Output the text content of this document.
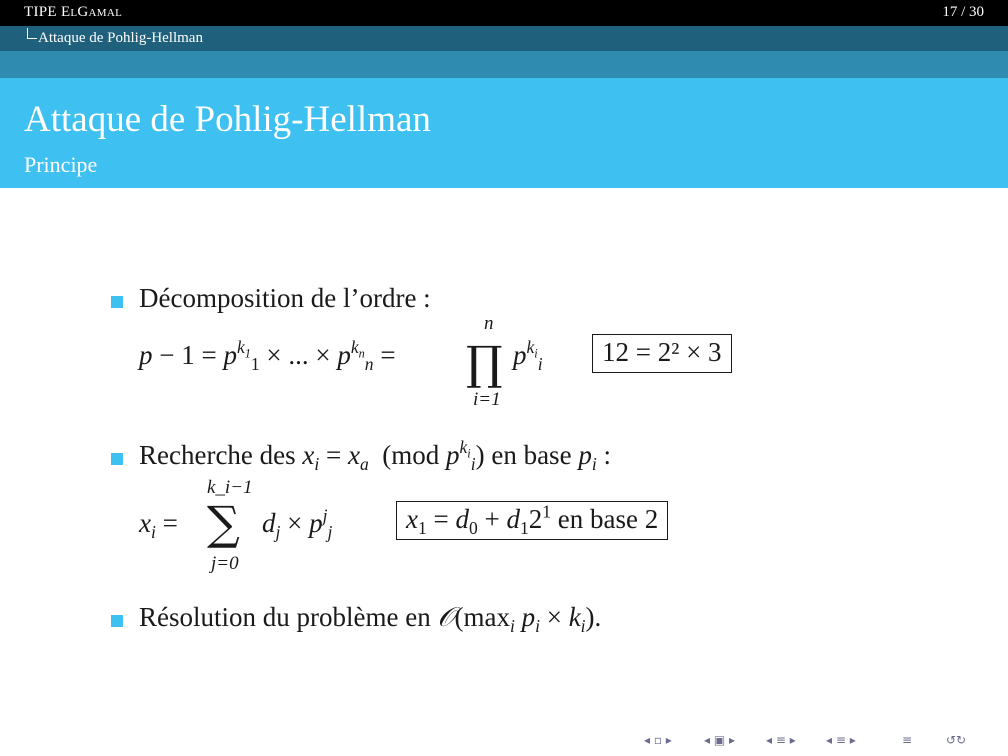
TIPE ElGamal	17 / 30
Attaque de Pohlig-Hellman
Attaque de Pohlig-Hellman
Principe
Décomposition de l’ordre :
$p - 1 = p^{k_1}_1$ × ... × $p^{k_n}_n$ = ∏
n
i=1
$p^{k_i}_i$	12 = 2² × 3
Recherche des $x_i = x_a$  (mod $p^{k_i}_i$) en base $p_i$ :
$x_i$ = ∑
k_i−1
j=0
$d_j \times p^j_j$	$x_1 = d_0 + d_12^1$ en base 2
Résolution du problème en $𝒪(\max_i$ $p_i \times k_i$).
◂ ▫ ▸	◂ ▣ ▸	◂ ≡ ▸	◂ ≡ ▸	≡	↺↻
